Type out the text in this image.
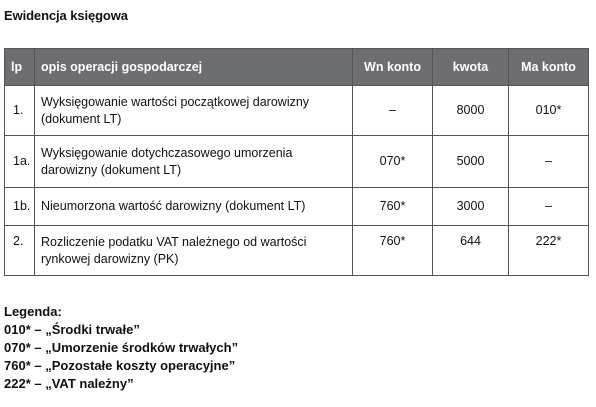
Ewidencja księgowa
lp	opis operacji gospodarczej	Wn konto	kwota	Ma konto
1.	Wyksięgowanie wartości początkowej darowizny (dokument LT)	–	8000	010*
1a.	Wyksięgowanie dotychczasowego umorzenia darowizny (dokument LT)	070*	5000	–
1b.	Nieumorzona wartość darowizny (dokument LT)	760*	3000	–
2.	Rozliczenie podatku VAT należnego od wartości rynkowej darowizny (PK)	760*	644	222*
Legenda:
010* – „Środki trwałe”
070* – „Umorzenie środków trwałych”
760* – „Pozostałe koszty operacyjne”
222* – „VAT należny”
